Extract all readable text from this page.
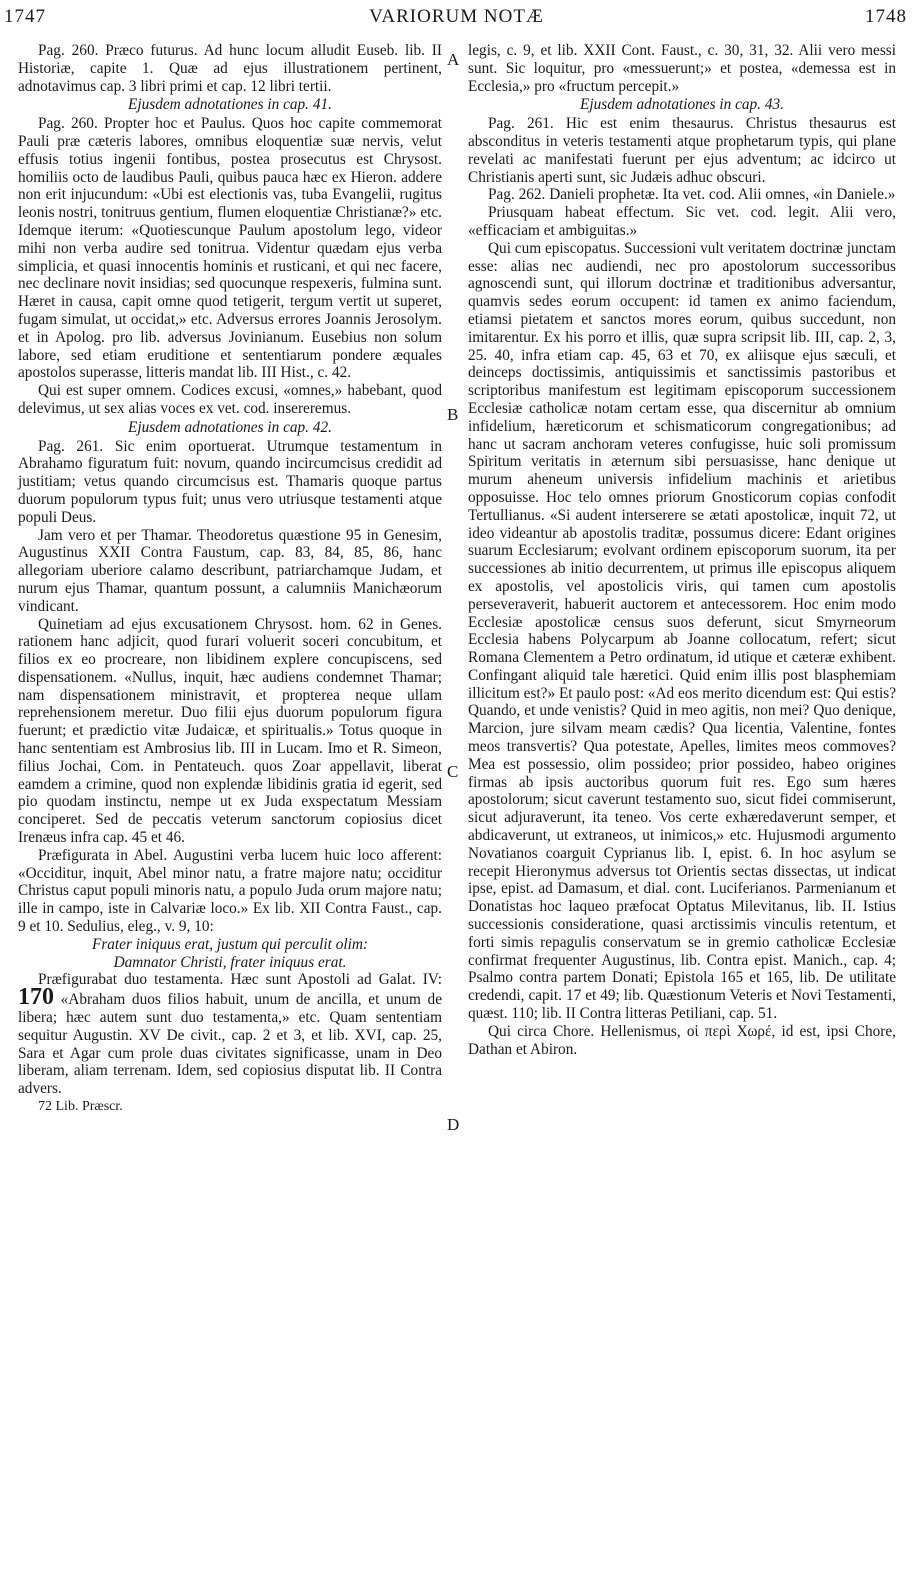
1747	VARIORUM NOTÆ	1748
A
B
C
D

Pag. 260. Præco futurus. Ad hunc locum alludit Euseb. lib. II Historiæ, capite 1. Quæ ad ejus illustrationem pertinent, adnotavimus cap. 3 libri primi et cap. 12 libri tertii.

Ejusdem adnotationes in cap. 41.

Pag. 260. Propter hoc et Paulus. Quos hoc capite commemorat Pauli præ cæteris labores, omnibus eloquentiæ suæ nervis, velut effusis totius ingenii fontibus, postea prosecutus est Chrysost. homiliis octo de laudibus Pauli, quibus pauca hæc ex Hieron. addere non erit injucundum: «Ubi est electionis vas, tuba Evangelii, rugitus leonis nostri, tonitruus gentium, flumen eloquentiæ Christianæ?» etc. Idemque iterum: «Quotiescunque Paulum apostolum lego, videor mihi non verba audire sed tonitrua. Videntur quædam ejus verba simplicia, et quasi innocentis hominis et rusticani, et qui nec facere, nec declinare novit insidias; sed quocunque respexeris, fulmina sunt. Hæret in causa, capit omne quod tetigerit, tergum vertit ut superet, fugam simulat, ut occidat,» etc. Adversus errores Joannis Jerosolym. et in Apolog. pro lib. adversus Jovinianum. Eusebius non solum labore, sed etiam eruditione et sententiarum pondere æquales apostolos superasse, litteris mandat lib. III Hist., c. 42.

Qui est super omnem. Codices excusi, «omnes,» habebant, quod delevimus, ut sex alias voces ex vet. cod. insereremus.

Ejusdem adnotationes in cap. 42.

Pag. 261. Sic enim oportuerat. Utrumque testamentum in Abrahamo figuratum fuit: novum, quando incircumcisus credidit ad justitiam; vetus quando circumcisus est. Thamaris quoque partus duorum populorum typus fuit; unus vero utriusque testamenti atque populi Deus.

Jam vero et per Thamar. Theodoretus quæstione 95 in Genesim, Augustinus XXII Contra Faustum, cap. 83, 84, 85, 86, hanc allegoriam uberiore calamo describunt, patriarchamque Judam, et nurum ejus Thamar, quantum possunt, a calumniis Manichæorum vindicant.

Quinetiam ad ejus excusationem Chrysost. hom. 62 in Genes. rationem hanc adjicit, quod furari voluerit soceri concubitum, et filios ex eo procreare, non libidinem explere concupiscens, sed dispensationem. «Nullus, inquit, hæc audiens condemnet Thamar; nam dispensationem ministravit, et propterea neque ullam reprehensionem meretur. Duo filii ejus duorum populorum figura fuerunt; et prædictio vitæ Judaicæ, et spiritualis.» Totus quoque in hanc sententiam est Ambrosius lib. III in Lucam. Imo et R. Simeon, filius Jochai, Com. in Pentateuch. quos Zoar appellavit, liberat eamdem a crimine, quod non explendæ libidinis gratia id egerit, sed pio quodam instinctu, nempe ut ex Juda exspectatum Messiam conciperet. Sed de peccatis veterum sanctorum copiosius dicet Irenæus infra cap. 45 et 46.

Præfigurata in Abel. Augustini verba lucem huic loco afferent: «Occiditur, inquit, Abel minor natu, a fratre majore natu; occiditur Christus caput populi minoris natu, a populo Juda orum majore natu; ille in campo, iste in Calvariæ loco.» Ex lib. XII Contra Faust., cap. 9 et 10. Sedulius, eleg., v. 9, 10:

Frater iniquus erat, justum qui perculit olim:

Damnator Christi, frater iniquus erat.

Præfigurabat duo testamenta. Hæc sunt Apostoli ad Galat. IV: 170 «Abraham duos filios habuit, unum de ancilla, et unum de libera; hæc autem sunt duo testamenta,» etc. Quam sententiam sequitur Augustin. XV De civit., cap. 2 et 3, et lib. XVI, cap. 25, Sara et Agar cum prole duas civitates significasse, unam in Deo liberam, aliam terrenam. Idem, sed copiosius disputat lib. II Contra advers.

72 Lib. Præscr.

legis, c. 9, et lib. XXII Cont. Faust., c. 30, 31, 32. Alii vero messi sunt. Sic loquitur, pro «messuerunt;» et postea, «demessa est in Ecclesia,» pro «fructum percepit.»

Ejusdem adnotationes in cap. 43.

Pag. 261. Hic est enim thesaurus. Christus thesaurus est absconditus in veteris testamenti atque prophetarum typis, qui plane revelati ac manifestati fuerunt per ejus adventum; ac idcirco ut Christianis aperti sunt, sic Judæis adhuc obscuri.

Pag. 262. Danieli prophetæ. Ita vet. cod. Alii omnes, «in Daniele.»

Priusquam habeat effectum. Sic vet. cod. legit. Alii vero, «efficaciam et ambiguitas.»

Qui cum episcopatus. Successioni vult veritatem doctrinæ junctam esse: alias nec audiendi, nec pro apostolorum successoribus agnoscendi sunt, qui illorum doctrinæ et traditionibus adversantur, quamvis sedes eorum occupent: id tamen ex animo faciendum, etiamsi pietatem et sanctos mores eorum, quibus succedunt, non imitarentur. Ex his porro et illis, quæ supra scripsit lib. III, cap. 2, 3, 25. 40, infra etiam cap. 45, 63 et 70, ex aliisque ejus sæculi, et deinceps doctissimis, antiquissimis et sanctissimis pastoribus et scriptoribus manifestum est legitimam episcoporum successionem Ecclesiæ catholicæ notam certam esse, qua discernitur ab omnium infidelium, hæreticorum et schismaticorum congregationibus; ad hanc ut sacram anchoram veteres confugisse, huic soli promissum Spiritum veritatis in æternum sibi persuasisse, hanc denique ut murum aheneum universis infidelium machinis et arietibus opposuisse. Hoc telo omnes priorum Gnosticorum copias confodit Tertullianus. «Si audent interserere se ætati apostolicæ, inquit 72, ut ideo videantur ab apostolis traditæ, possumus dicere: Edant origines suarum Ecclesiarum; evolvant ordinem episcoporum suorum, ita per successiones ab initio decurrentem, ut primus ille episcopus aliquem ex apostolis, vel apostolicis viris, qui tamen cum apostolis perseveraverit, habuerit auctorem et antecessorem. Hoc enim modo Ecclesiæ apostolicæ census suos deferunt, sicut Smyrneorum Ecclesia habens Polycarpum ab Joanne collocatum, refert; sicut Romana Clementem a Petro ordinatum, id utique et cæteræ exhibent. Confingant aliquid tale hæretici. Quid enim illis post blasphemiam illicitum est?» Et paulo post: «Ad eos merito dicendum est: Qui estis? Quando, et unde venistis? Quid in meo agitis, non mei? Quo denique, Marcion, jure silvam meam cædis? Qua licentia, Valentine, fontes meos transvertis? Qua potestate, Apelles, limites meos commoves? Mea est possessio, olim possideo; prior possideo, habeo origines firmas ab ipsis auctoribus quorum fuit res. Ego sum hæres apostolorum; sicut caverunt testamento suo, sicut fidei commiserunt, sicut adjuraverunt, ita teneo. Vos certe exhæredaverunt semper, et abdicaverunt, ut extraneos, ut inimicos,» etc. Hujusmodi argumento Novatianos coarguit Cyprianus lib. I, epist. 6. In hoc asylum se recepit Hieronymus adversus tot Orientis sectas dissectas, ut indicat ipse, epist. ad Damasum, et dial. cont. Luciferianos. Parmenianum et Donatistas hoc laqueo præfocat Optatus Milevitanus, lib. II. Istius successionis consideratione, quasi arctissimis vinculis retentum, et forti simis repagulis conservatum se in gremio catholicæ Ecclesiæ confirmat frequenter Augustinus, lib. Contra epist. Manich., cap. 4; Psalmo contra partem Donati; Epistola 165 et 165, lib. De utilitate credendi, capit. 17 et 49; lib. Quæstionum Veteris et Novi Testamenti, quæst. 110; lib. II Contra litteras Petiliani, cap. 51.

Qui circa Chore. Hellenismus, οἱ περὶ Χωρέ, id est, ipsi Chore, Dathan et Abiron.
